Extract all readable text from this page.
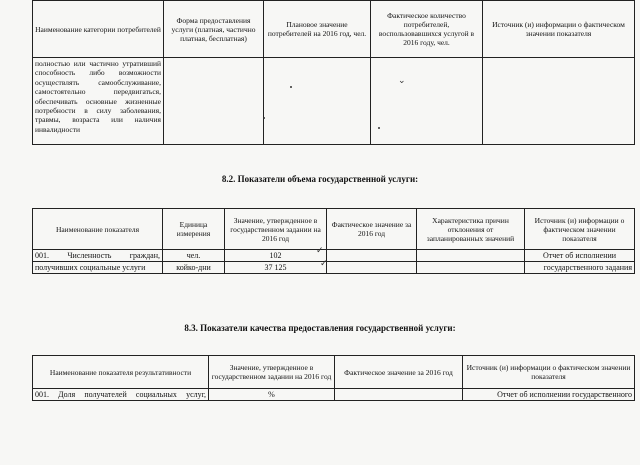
Наименование категории потребителей	Форма предоставления услуги (платная, частично платная, бесплатная)	Плановое значение потребителей на 2016 год, чел.	Фактическое количество потребителей, воспользовавшихся услугой в 2016 году, чел.	Источник (и) информации о фактическом значении показателя
полностью или частично утративший способность либо возможности осуществлять самообслуживание, самостоятельно передвигаться, обеспечивать основные жизненные потребности в силу заболевания, травмы, возраста или наличия инвалидности				
8.2. Показатели объема государственной услуги:
Наименование показателя	Единица измерения	Значение, утвержденное в государственном задании на 2016 год	Фактическое значение за 2016 год	Характеристика причин отклонения от запланированных значений	Источник (и) информации о фактическом значении показателя
001. Численность граждан,	чел.	102			Отчет об исполнении
получивших социальные услуги	койко-дни	37 125			государственного задания
8.3. Показатели качества предоставления государственной услуги:
Наименование показателя результативности	Значение, утвержденное в государственном задании на 2016 год	Фактическое значение за 2016 год	Источник (и) информации о фактическом значении показателя
001. Доля получателей социальных услуг,	%		Отчет об исполнении государственного
⌄
✓
✓
